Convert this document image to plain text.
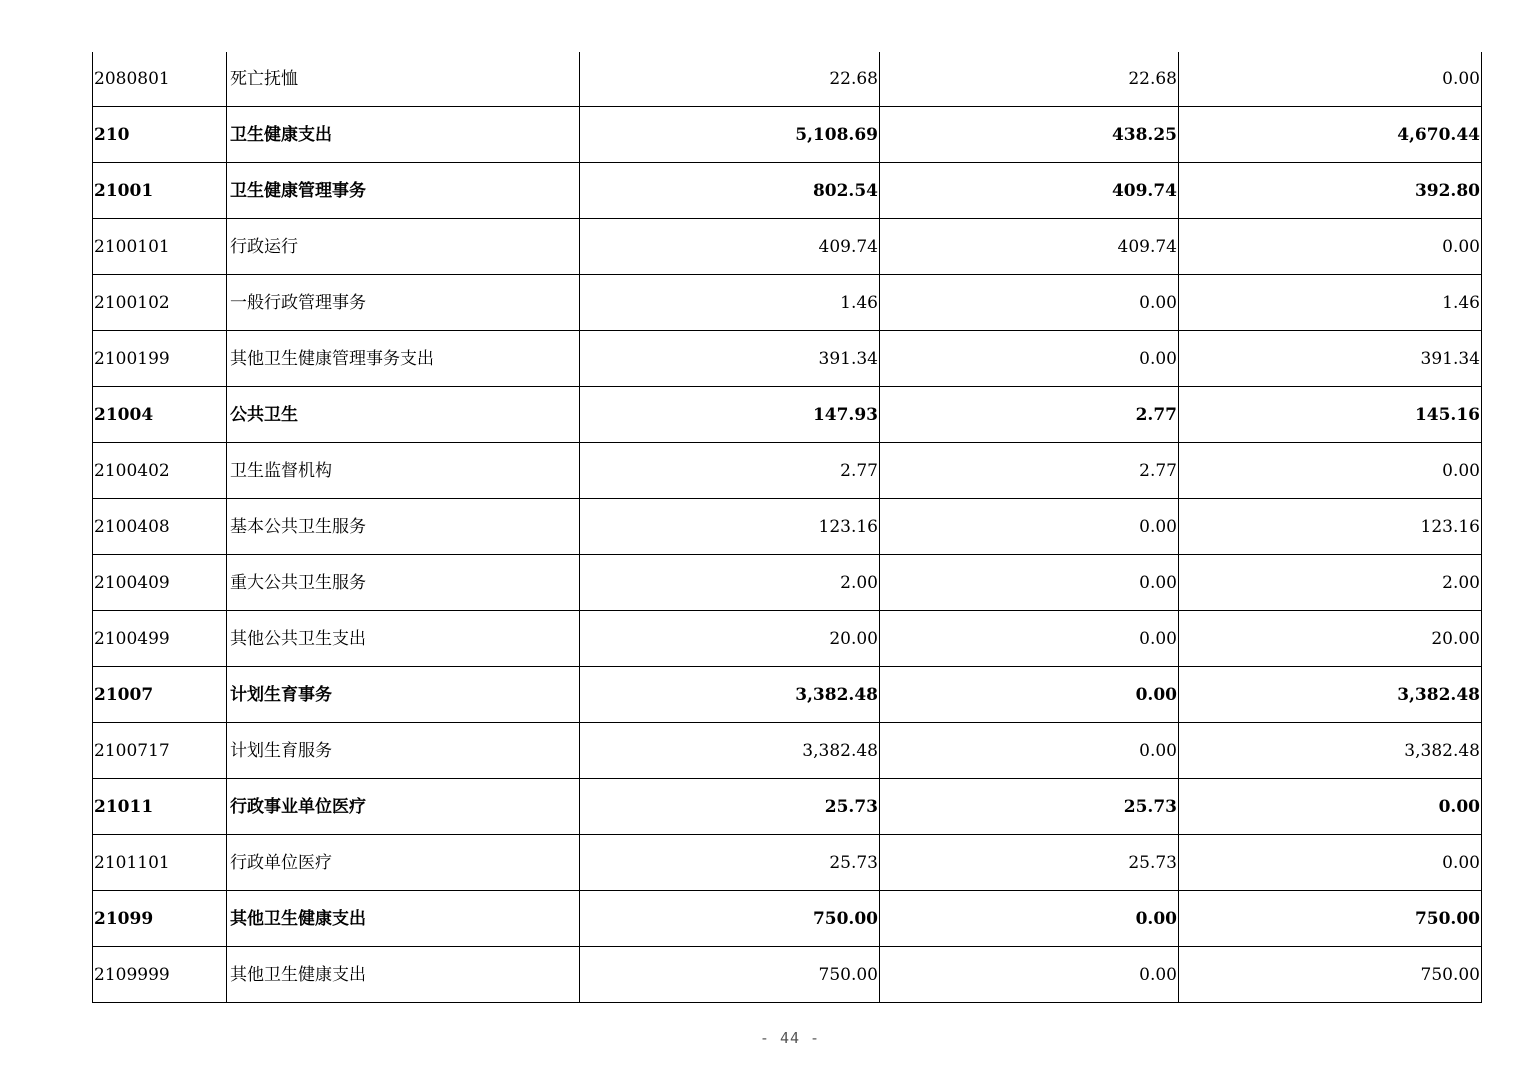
2080801	死亡抚恤	22.68	22.68	0.00
210	卫生健康支出	5,108.69	438.25	4,670.44
21001	卫生健康管理事务	802.54	409.74	392.80
2100101	行政运行	409.74	409.74	0.00
2100102	一般行政管理事务	1.46	0.00	1.46
2100199	其他卫生健康管理事务支出	391.34	0.00	391.34
21004	公共卫生	147.93	2.77	145.16
2100402	卫生监督机构	2.77	2.77	0.00
2100408	基本公共卫生服务	123.16	0.00	123.16
2100409	重大公共卫生服务	2.00	0.00	2.00
2100499	其他公共卫生支出	20.00	0.00	20.00
21007	计划生育事务	3,382.48	0.00	3,382.48
2100717	计划生育服务	3,382.48	0.00	3,382.48
21011	行政事业单位医疗	25.73	25.73	0.00
2101101	行政单位医疗	25.73	25.73	0.00
21099	其他卫生健康支出	750.00	0.00	750.00
2109999	其他卫生健康支出	750.00	0.00	750.00
- 44 -
